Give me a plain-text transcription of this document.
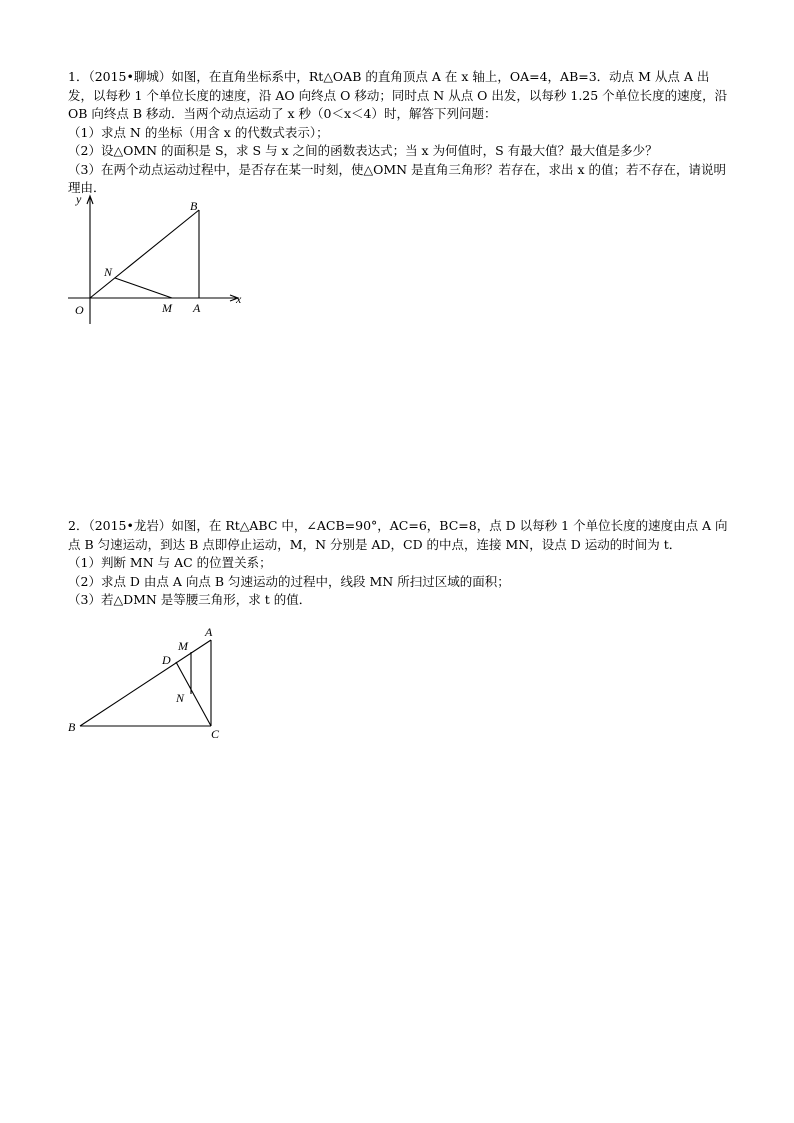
1．（2015•聊城）如图，在直角坐标系中，Rt△OAB 的直角顶点 A 在 x 轴上，OA=4，AB=3．动点 M 从点 A 出发，以每秒 1 个单位长度的速度，沿 AO 向终点 O 移动；同时点 N 从点 O 出发，以每秒 1.25 个单位长度的速度，沿 OB 向终点 B 移动．当两个动点运动了 x 秒（0＜x＜4）时，解答下列问题：

（1）求点 N 的坐标（用含 x 的代数式表示）；

（2）设△OMN 的面积是 S，求 S 与 x 之间的函数表达式；当 x 为何值时，S 有最大值？最大值是多少？

（3）在两个动点运动过程中，是否存在某一时刻，使△OMN 是直角三角形？若存在，求出 x 的值；若不存在，请说明理由．

y
x
B
N
O	M A

2．（2015•龙岩）如图，在 Rt△ABC 中，∠ACB=90°，AC=6，BC=8，点 D 以每秒 1 个单位长度的速度由点 A 向点 B 匀速运动，到达 B 点即停止运动，M，N 分别是 AD，CD 的中点，连接 MN，设点 D 运动的时间为 t．

（1）判断 MN 与 AC 的位置关系；

（2）求点 D 由点 A 向点 B 匀速运动的过程中，线段 MN 所扫过区域的面积；

（3）若△DMN 是等腰三角形，求 t 的值．

A
M
D
N
B	C
